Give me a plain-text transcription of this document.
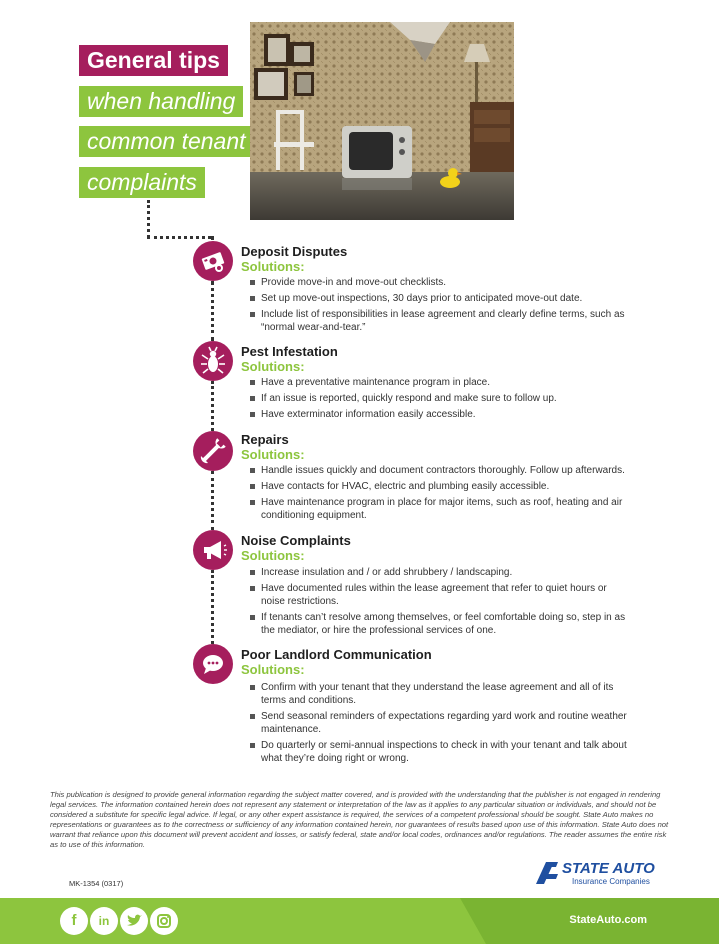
General tips
when handling
common tenant
complaints
Deposit Disputes
Solutions:
Provide move-in and move-out checklists.
Set up move-out inspections, 30 days prior to anticipated move-out date.
Include list of responsibilities in lease agreement and clearly define terms, such as “normal wear-and-tear.”
Pest Infestation
Solutions:
Have a preventative maintenance program in place.
If an issue is reported, quickly respond and make sure to follow up.
Have exterminator information easily accessible.
Repairs
Solutions:
Handle issues quickly and document contractors thoroughly. Follow up afterwards.
Have contacts for HVAC, electric and plumbing easily accessible.
Have maintenance program in place for major items, such as roof, heating and air conditioning equipment.
Noise Complaints
Solutions:
Increase insulation and / or add shrubbery / landscaping.
Have documented rules within the lease agreement that refer to quiet hours or noise restrictions.
If tenants can’t resolve among themselves, or feel comfortable doing so, step in as the mediator, or hire the professional services of one.
Poor Landlord Communication
Solutions:
Confirm with your tenant that they understand the lease agreement and all of its terms and conditions.
Send seasonal reminders of expectations regarding yard work and routine weather maintenance.
Do quarterly or semi-annual inspections to check in with your tenant and talk about what they’re doing right or wrong.
This publication is designed to provide general information regarding the subject matter covered, and is provided with the understanding that the publisher is not engaged in rendering legal services. The information contained herein does not represent any statement or interpretation of the law as it applies to any particular situation or individuals, and should not be considered a substitute for specific legal advice. If legal, or any other expert assistance is required, the services of a competent professional should be sought. State Auto makes no representations or guarantees as to the correctness or sufficiency of any information contained herein, nor guarantees of results based upon use of this information. State Auto does not warrant that reliance upon this document will prevent accident and losses, or satisfy federal, state and/or local codes, ordinances and/or regulations. The reader assumes the entire risk as to use of this information.
MK-1354 (0317)
STATE AUTO
Insurance Companies
f	in	StateAuto.com
